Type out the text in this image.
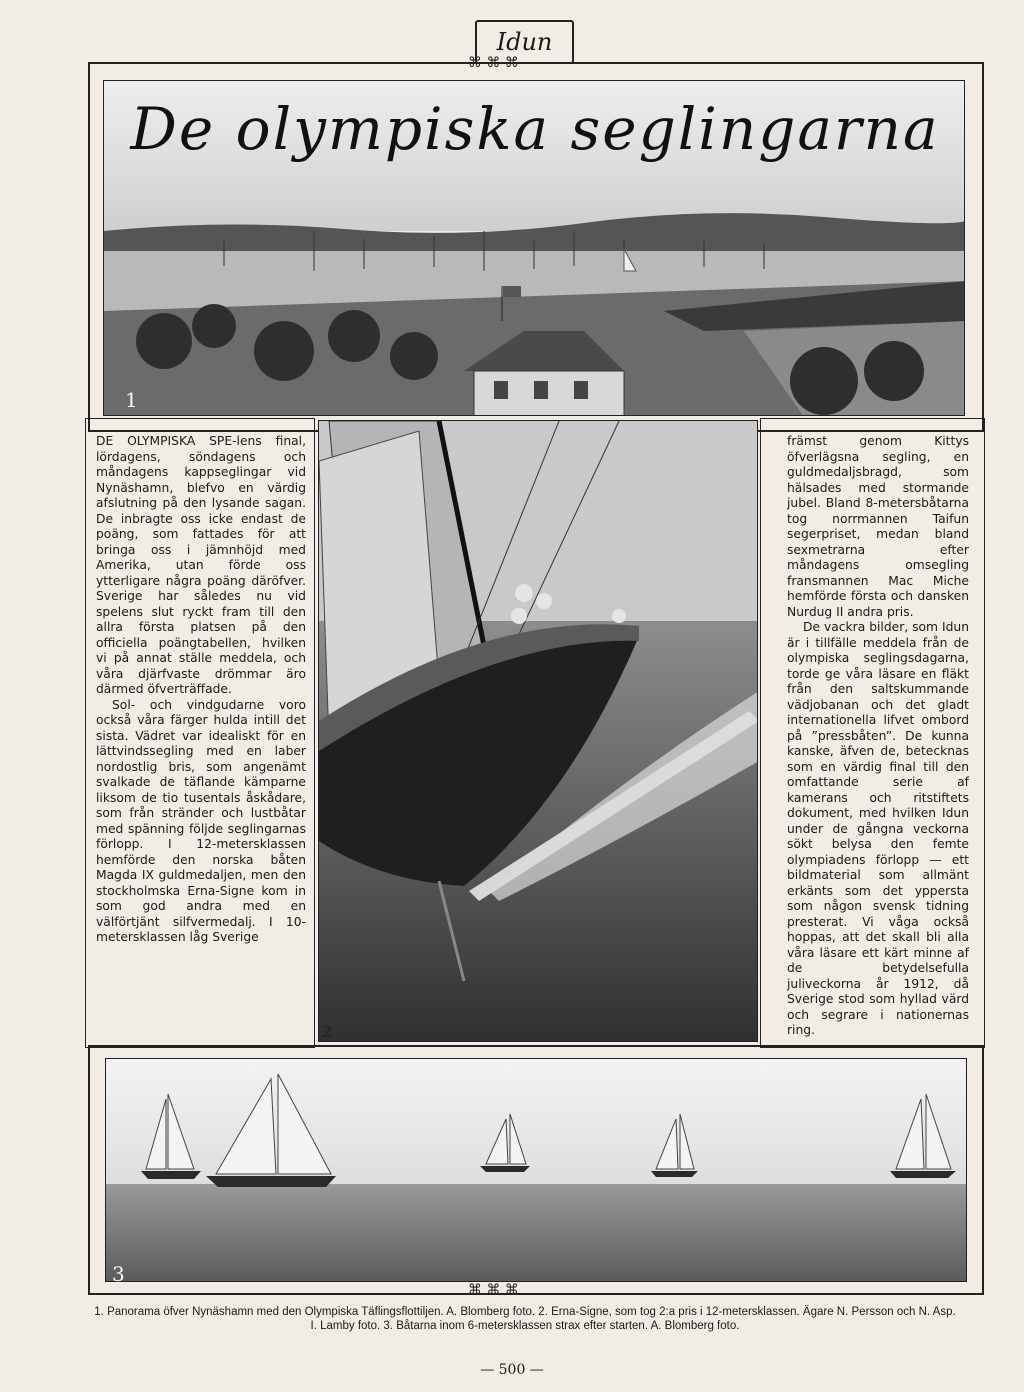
Idun
⌘ ⌘ ⌘
De olympiska seglingarna
1

DE OLYMPISKA SPE-lens final, lördagens, söndagens och måndagens kappseglingar vid Nynäshamn, blefvo en värdig afslutning på den lysande sagan. De inbragte oss icke endast de poäng, som fattades för att bringa oss i jämnhöjd med Amerika, utan förde oss ytterligare några poäng däröfver. Sverige har således nu vid spelens slut ryckt fram till den allra första platsen på den officiella poängtabellen, hvilken vi på annat ställe meddela, och våra djärfvaste drömmar äro därmed öfverträffade.

Sol- och vindgudarne voro också våra färger hulda intill det sista. Vädret var idealiskt för en lättvindssegling med en laber nordostlig bris, som angenämt svalkade de täflande kämparne liksom de tio tusentals åskådare, som från stränder och lustbåtar med spänning följde seglingarnas förlopp. I 12-metersklassen hemförde den norska båten Magda IX guldmedaljen, men den stockholmska Erna-Signe kom in som god andra med en välförtjänt silfvermedalj. I 10-metersklassen låg Sverige

2

främst genom Kittys öfverlägsna segling, en guldmedaljsbragd, som hälsades med stormande jubel. Bland 8-metersbåtarna tog norrmannen Taifun segerpriset, medan bland sexmetrarna efter måndagens omsegling fransmannen Mac Miche hemförde första och dansken Nurdug II andra pris.

De vackra bilder, som Idun är i tillfälle meddela från de olympiska seglingsdagarna, torde ge våra läsare en fläkt från den saltskummande vädjobanan och det gladt internationella lifvet ombord på ”pressbåten”. De kunna kanske, äfven de, betecknas som en värdig final till den omfattande serie af kamerans och ritstiftets dokument, med hvilken Idun under de gångna veckorna sökt belysa den femte olympiadens förlopp — ett bildmaterial som allmänt erkänts som det yppersta som någon svensk tidning presterat. Vi våga också hoppas, att det skall bli alla våra läsare ett kärt minne af de betydelsefulla juliveckorna år 1912, då Sverige stod som hyllad värd och segrare i nationernas ring.

⌘ ⌘ ⌘
3
1. Panorama öfver Nynäshamn med den Olympiska Täflingsflottiljen. A. Blomberg foto. 2. Erna-Signe, som tog 2:a pris i 12-metersklassen. Ägare N. Persson och N. Asp. I. Lamby foto. 3. Båtarna inom 6-metersklassen strax efter starten. A. Blomberg foto.
— 500 —
